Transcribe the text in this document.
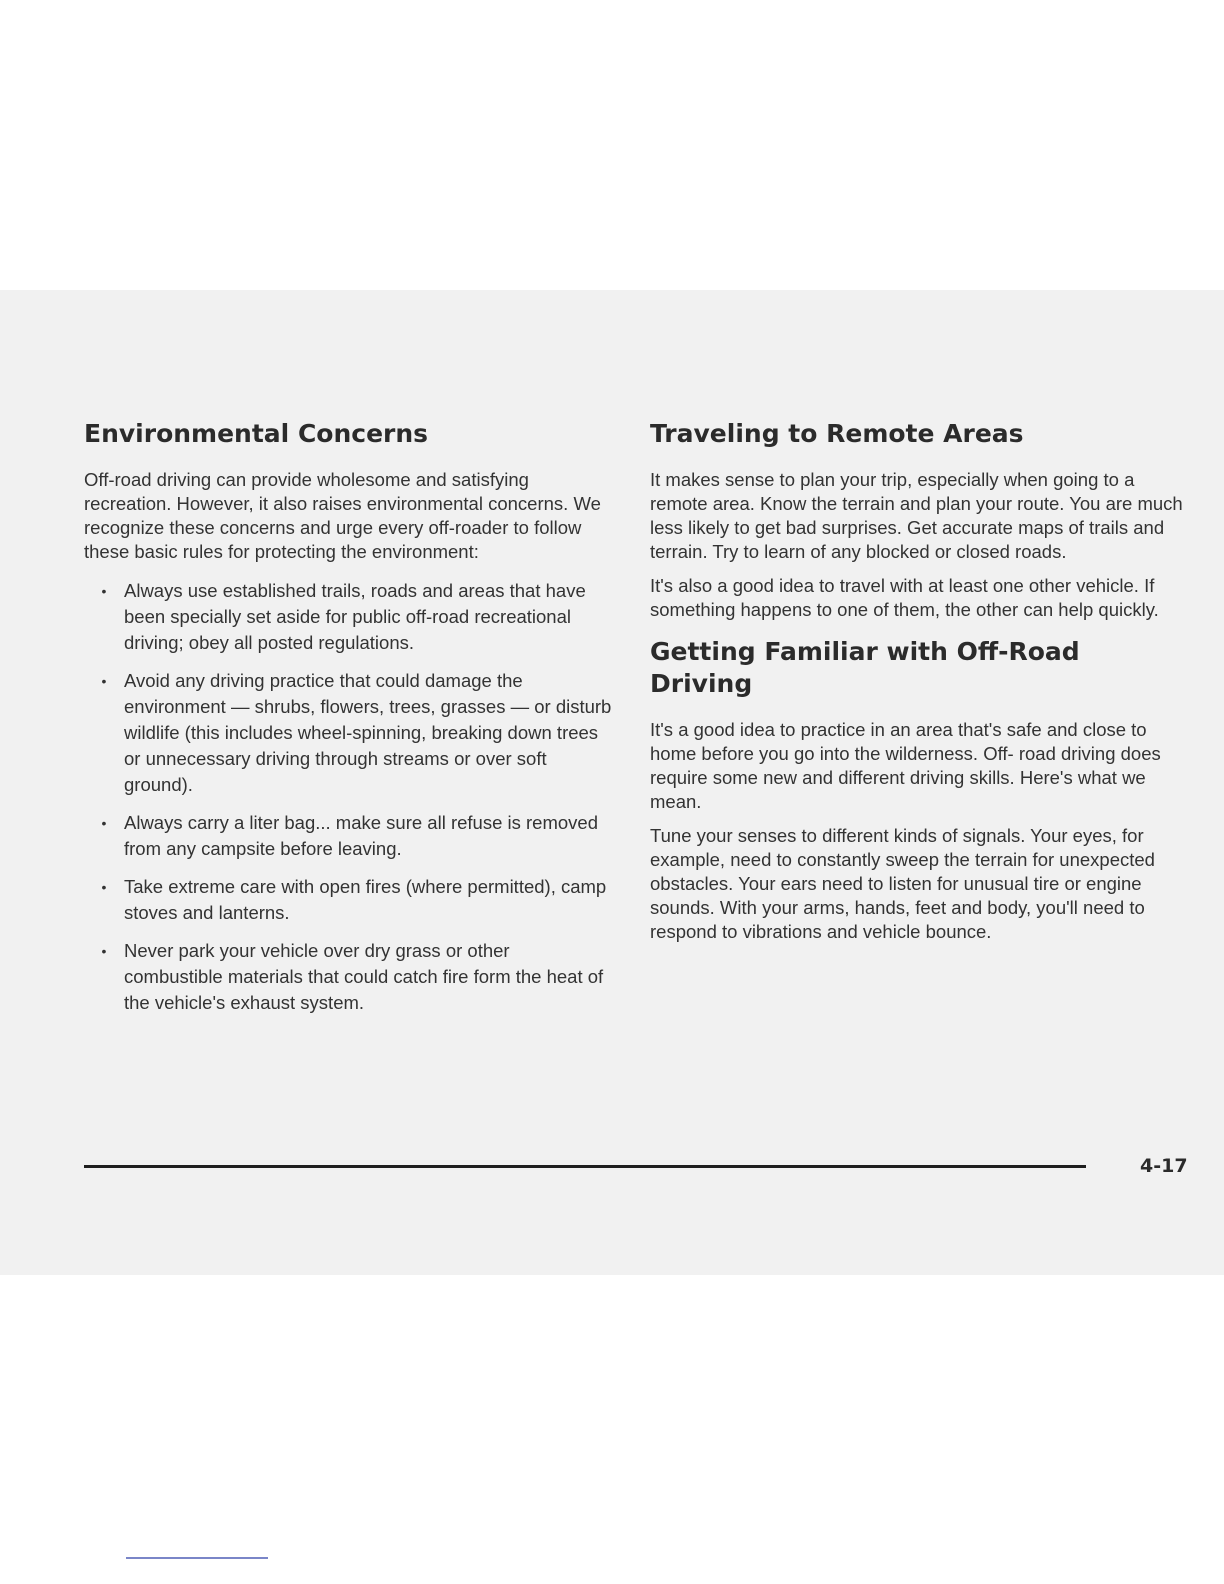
Environmental Concerns

Off-road driving can provide wholesome and satisfying recreation. However, it also raises environmental concerns. We recognize these concerns and urge every off-roader to follow these basic rules for protecting the environment:

• Always use established trails, roads and areas that have been specially set aside for public off-road recreational driving; obey all posted regulations.
• Avoid any driving practice that could damage the environment — shrubs, flowers, trees, grasses — or disturb wildlife (this includes wheel-spinning, breaking down trees or unnecessary driving through streams or over soft ground).
• Always carry a liter bag... make sure all refuse is removed from any campsite before leaving.
• Take extreme care with open fires (where permitted), camp stoves and lanterns.
• Never park your vehicle over dry grass or other combustible materials that could catch fire form the heat of the vehicle's exhaust system.
Traveling to Remote Areas

It makes sense to plan your trip, especially when going to a remote area. Know the terrain and plan your route. You are much less likely to get bad surprises. Get accurate maps of trails and terrain. Try to learn of any blocked or closed roads.

It's also a good idea to travel with at least one other vehicle. If something happens to one of them, the other can help quickly.

Getting Familiar with Off-Road Driving

It's a good idea to practice in an area that's safe and close to home before you go into the wilderness. Off- road driving does require some new and different driving skills. Here's what we mean.

Tune your senses to different kinds of signals. Your eyes, for example, need to constantly sweep the terrain for unexpected obstacles. Your ears need to listen for unusual tire or engine sounds. With your arms, hands, feet and body, you'll need to respond to vibrations and vehicle bounce.

4-17
